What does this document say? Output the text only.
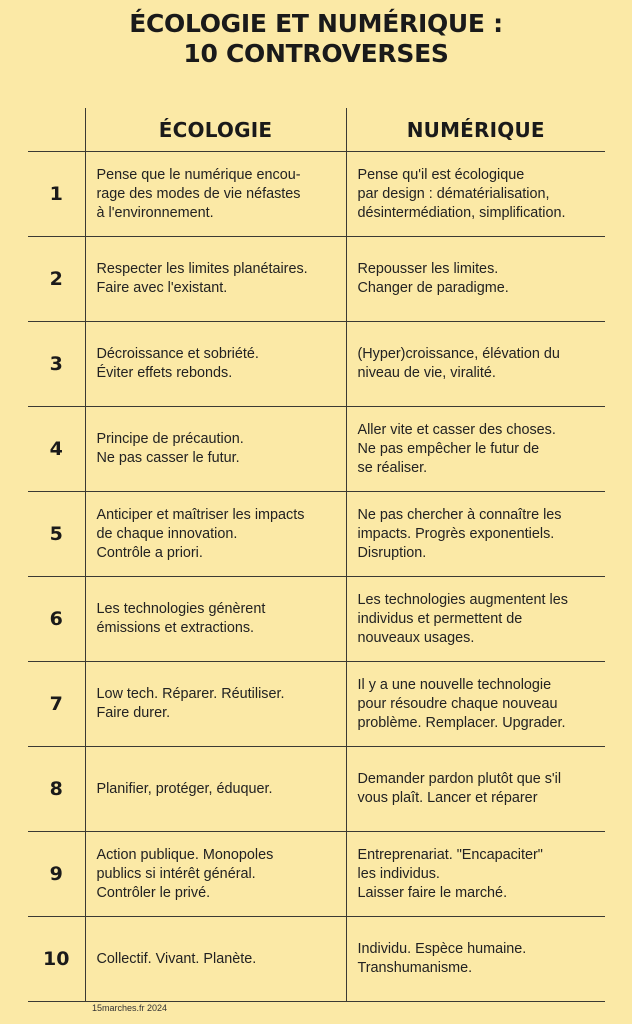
ÉCOLOGIE ET NUMÉRIQUE :
10 CONTROVERSES
	ÉCOLOGIE	NUMÉRIQUE
1	Pense que le numérique encou-
rage des modes de vie néfastes
à l'environnement.	Pense qu'il est écologique
par design : dématérialisation,
désintermédiation, simplification.

2	Respecter les limites planétaires.
Faire avec l'existant.	Repousser les limites.
Changer de paradigme.

3	Décroissance et sobriété.
Éviter effets rebonds.	(Hyper)croissance, élévation du
niveau de vie, viralité.

4	Principe de précaution.
Ne pas casser le futur.	Aller vite et casser des choses.
Ne pas empêcher le futur de
se réaliser.

5	Anticiper et maîtriser les impacts
de chaque innovation.
Contrôle a priori.	Ne pas chercher à connaître les
impacts. Progrès exponentiels.
Disruption.

6	Les technologies génèrent
émissions et extractions.	Les technologies augmentent les
individus et permettent de
nouveaux usages.

7	Low tech. Réparer. Réutiliser.
Faire durer.	Il y a une nouvelle technologie
pour résoudre chaque nouveau
problème. Remplacer. Upgrader.

8	Planifier, protéger, éduquer.	Demander pardon plutôt que s'il
vous plaît. Lancer et réparer

9	Action publique. Monopoles
publics si intérêt général.
Contrôler le privé.	Entreprenariat. "Encapaciter"
les individus.
Laisser faire le marché.

10	Collectif. Vivant. Planète.	Individu. Espèce humaine.
Transhumanisme.
15marches.fr 2024
